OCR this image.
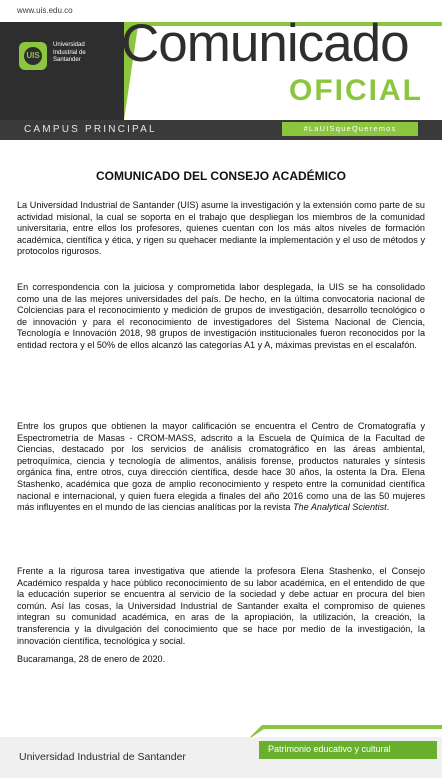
www.uis.edu.co
UIS
Universidad
Industrial de
Santander Comunicado
OFICIAL
CAMPUS PRINCIPAL	#LaUISqueQueremos
COMUNICADO DEL CONSEJO ACADÉMICO

La Universidad Industrial de Santander (UIS) asume la investigación y la extensión como parte de su actividad misional, la cual se soporta en el trabajo que despliegan los miembros de la comunidad universitaria, entre ellos los profesores, quienes cuentan con los más altos niveles de formación académica, científica y ética, y rigen su quehacer mediante la implementación y el uso de métodos y protocolos rigurosos.

En correspondencia con la juiciosa y comprometida labor desplegada, la UIS se ha consolidado como una de las mejores universidades del país. De hecho, en la última convocatoria nacional de Colciencias para el reconocimiento y medición de grupos de investigación, desarrollo tecnológico o de innovación y para el reconocimiento de investigadores del Sistema Nacional de Ciencia, Tecnología e Innovación 2018, 98 grupos de investigación institucionales fueron reconocidos por la entidad rectora y el 50% de ellos alcanzó las categorías A1 y A, máximas previstas en el escalafón.

Entre los grupos que obtienen la mayor calificación se encuentra el Centro de Cromatografía y Espectrometría de Masas - CROM-MASS, adscrito a la Escuela de Química de la Facultad de Ciencias, destacado por los servicios de análisis cromatográfico en las áreas ambiental, petroquímica, ciencia y tecnología de alimentos, análisis forense, productos naturales y síntesis orgánica fina, entre otros, cuya dirección científica, desde hace 30 años, la ostenta la Dra. Elena Stashenko, académica que goza de amplio reconocimiento y respeto entre la comunidad científica nacional e internacional, y quien fuera elegida a finales del año 2016 como una de las 50 mujeres más influyentes en el mundo de las ciencias analíticas por la revista The Analytical Scientist.

Frente a la rigurosa tarea investigativa que atiende la profesora Elena Stashenko, el Consejo Académico respalda y hace público reconocimiento de su labor académica, en el entendido de que la educación superior se encuentra al servicio de la sociedad y debe actuar en procura del bien común. Así las cosas, la Universidad Industrial de Santander exalta el compromiso de quienes integran su comunidad académica, en aras de la apropiación, la utilización, la creación, la transferencia y la divulgación del conocimiento que se hace por medio de la investigación, la innovación científica, tecnológica y social.

Bucaramanga, 28 de enero de 2020.
Patrimonio educativo y cultural
Universidad Industrial de Santander
